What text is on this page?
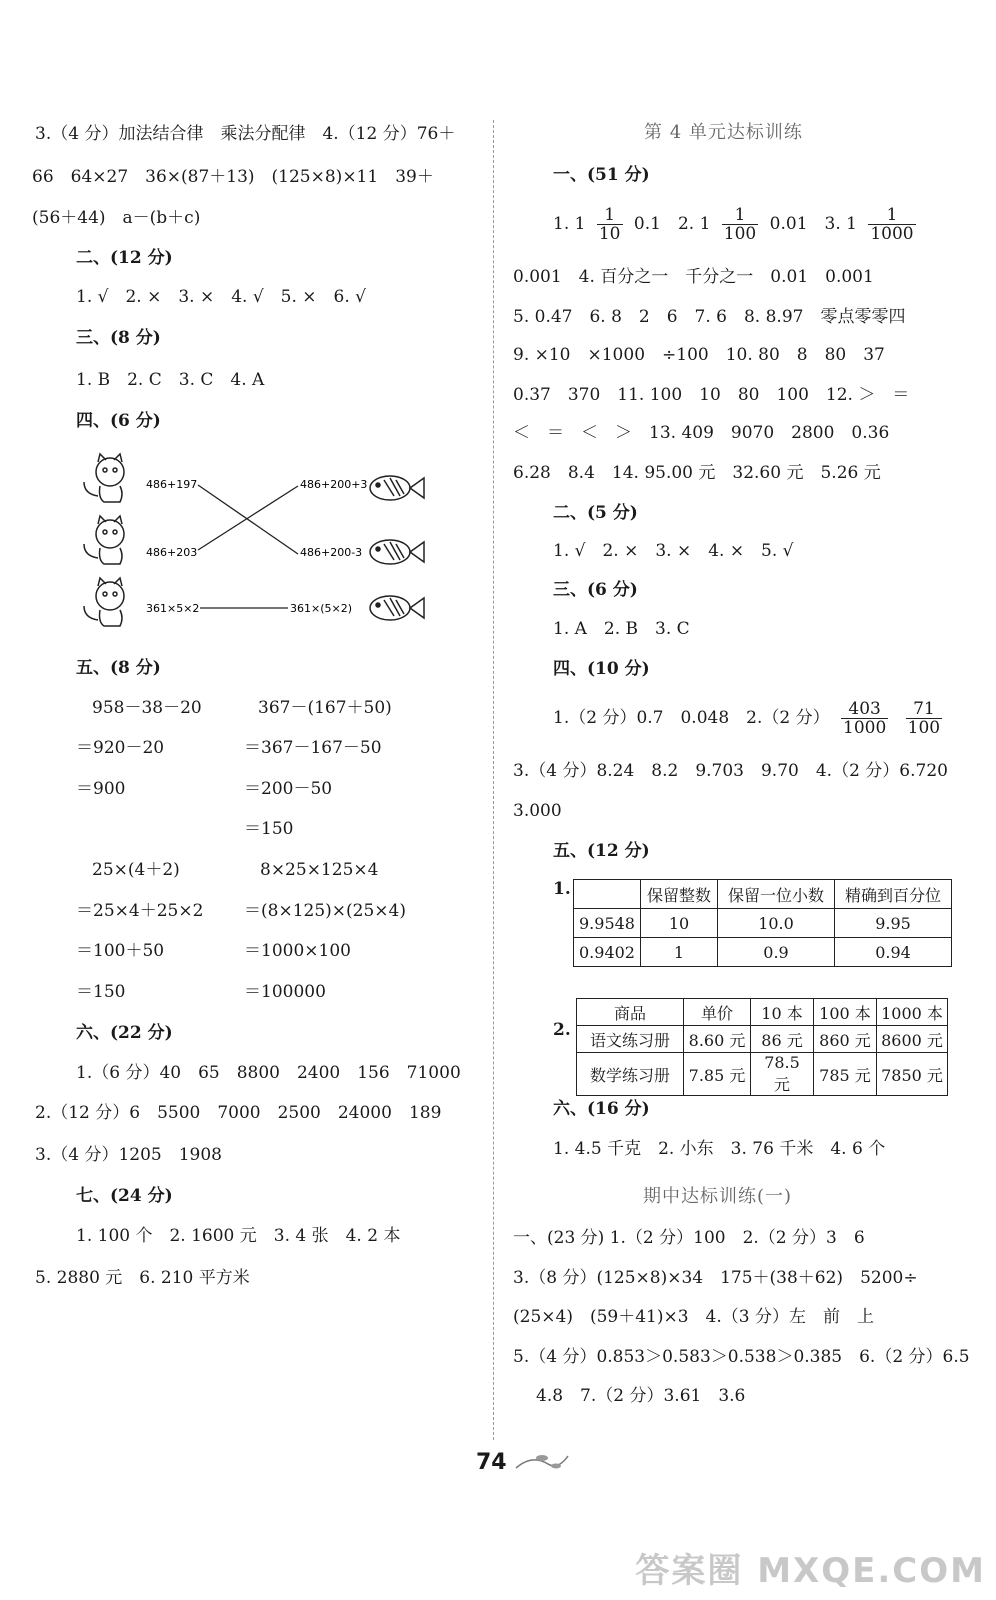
3.（4 分）加法结合律　乘法分配律　4.（12 分）76＋
66　64×27　36×(87＋13)　(125×8)×11　39＋
(56＋44)　a－(b＋c)
二、(12 分)
1. √　2. ×　3. ×　4. √　5. ×　6. √
三、(8 分)
1. B　2. C　3. C　4. A
四、(6 分)
486+197	486+200+3
486+203	486+200-3
361×5×2	361×(5×2)
五、(8 分)
958－38－20
＝920－20
＝900
367－(167＋50)
＝367－167－50
＝200－50
＝150
25×(4＋2)
＝25×4＋25×2
＝100＋50
＝150
8×25×125×4
＝(8×125)×(25×4)
＝1000×100
＝100000
六、(22 分)
1.（6 分）40　65　8800　2400　156　71000
2.（12 分）6　5500　7000　2500　24000　189
3.（4 分）1205　1908
七、(24 分)
1. 100 个　2. 1600 元　3. 4 张　4. 2 本
5. 2880 元　6. 210 平方米
第 4 单元达标训练
一、(51 分)
1. $1 \frac{1}{10} 0.1$　2. $1 \frac{1}{100} 0.01$　3. $1 \frac{1}{1000}$
0.001　4. 百分之一　千分之一　0.01　0.001
5. 0.47　6. 8　2　6　7. 6　8. 8.97　零点零零四
9. ×10　×1000　÷100　10. 80　8　80　37
0.37　370　11. 100　10　80　100　12. ＞　＝
＜　＝　＜　＞　13. 409　9070　2800　0.36
6.28　8.4　14. 95.00 元　32.60 元　5.26 元
二、(5 分)
1. √　2. ×　3. ×　4. ×　5. √
三、(6 分)
1. A　2. B　3. C
四、(10 分)
1.（2 分）0.7　0.048　2.（2 分） $\frac{403}{1000}$
$\frac{71}{100}$
3.（4 分）8.24　8.2　9.703　9.70　4.（2 分）6.720
3.000
五、(12 分)
1.
		保留整数	保留一位小数	精确到百分位
9.9548	10	10.0	9.95
0.9402	1	0.9	0.94
2.
商品	单价	10 本	100 本	1000 本
语文练习册	8.60 元	86 元	860 元	8600 元
数学练习册	7.85 元	78.5 元	785 元	7850 元
六、(16 分)
1. 4.5 千克　2. 小东　3. 76 千米　4. 6 个
期中达标训练(一)
一、(23 分) 1.（2 分）100　2.（2 分）3　6
3.（8 分）(125×8)×34　175＋(38＋62)　5200÷
(25×4)　(59＋41)×3　4.（3 分）左　前　上
5.（4 分）0.853＞0.583＞0.538＞0.385　6.（2 分）6.5
4.8　7.（2 分）3.61　3.6
74
答案圈 MXQE.COM
